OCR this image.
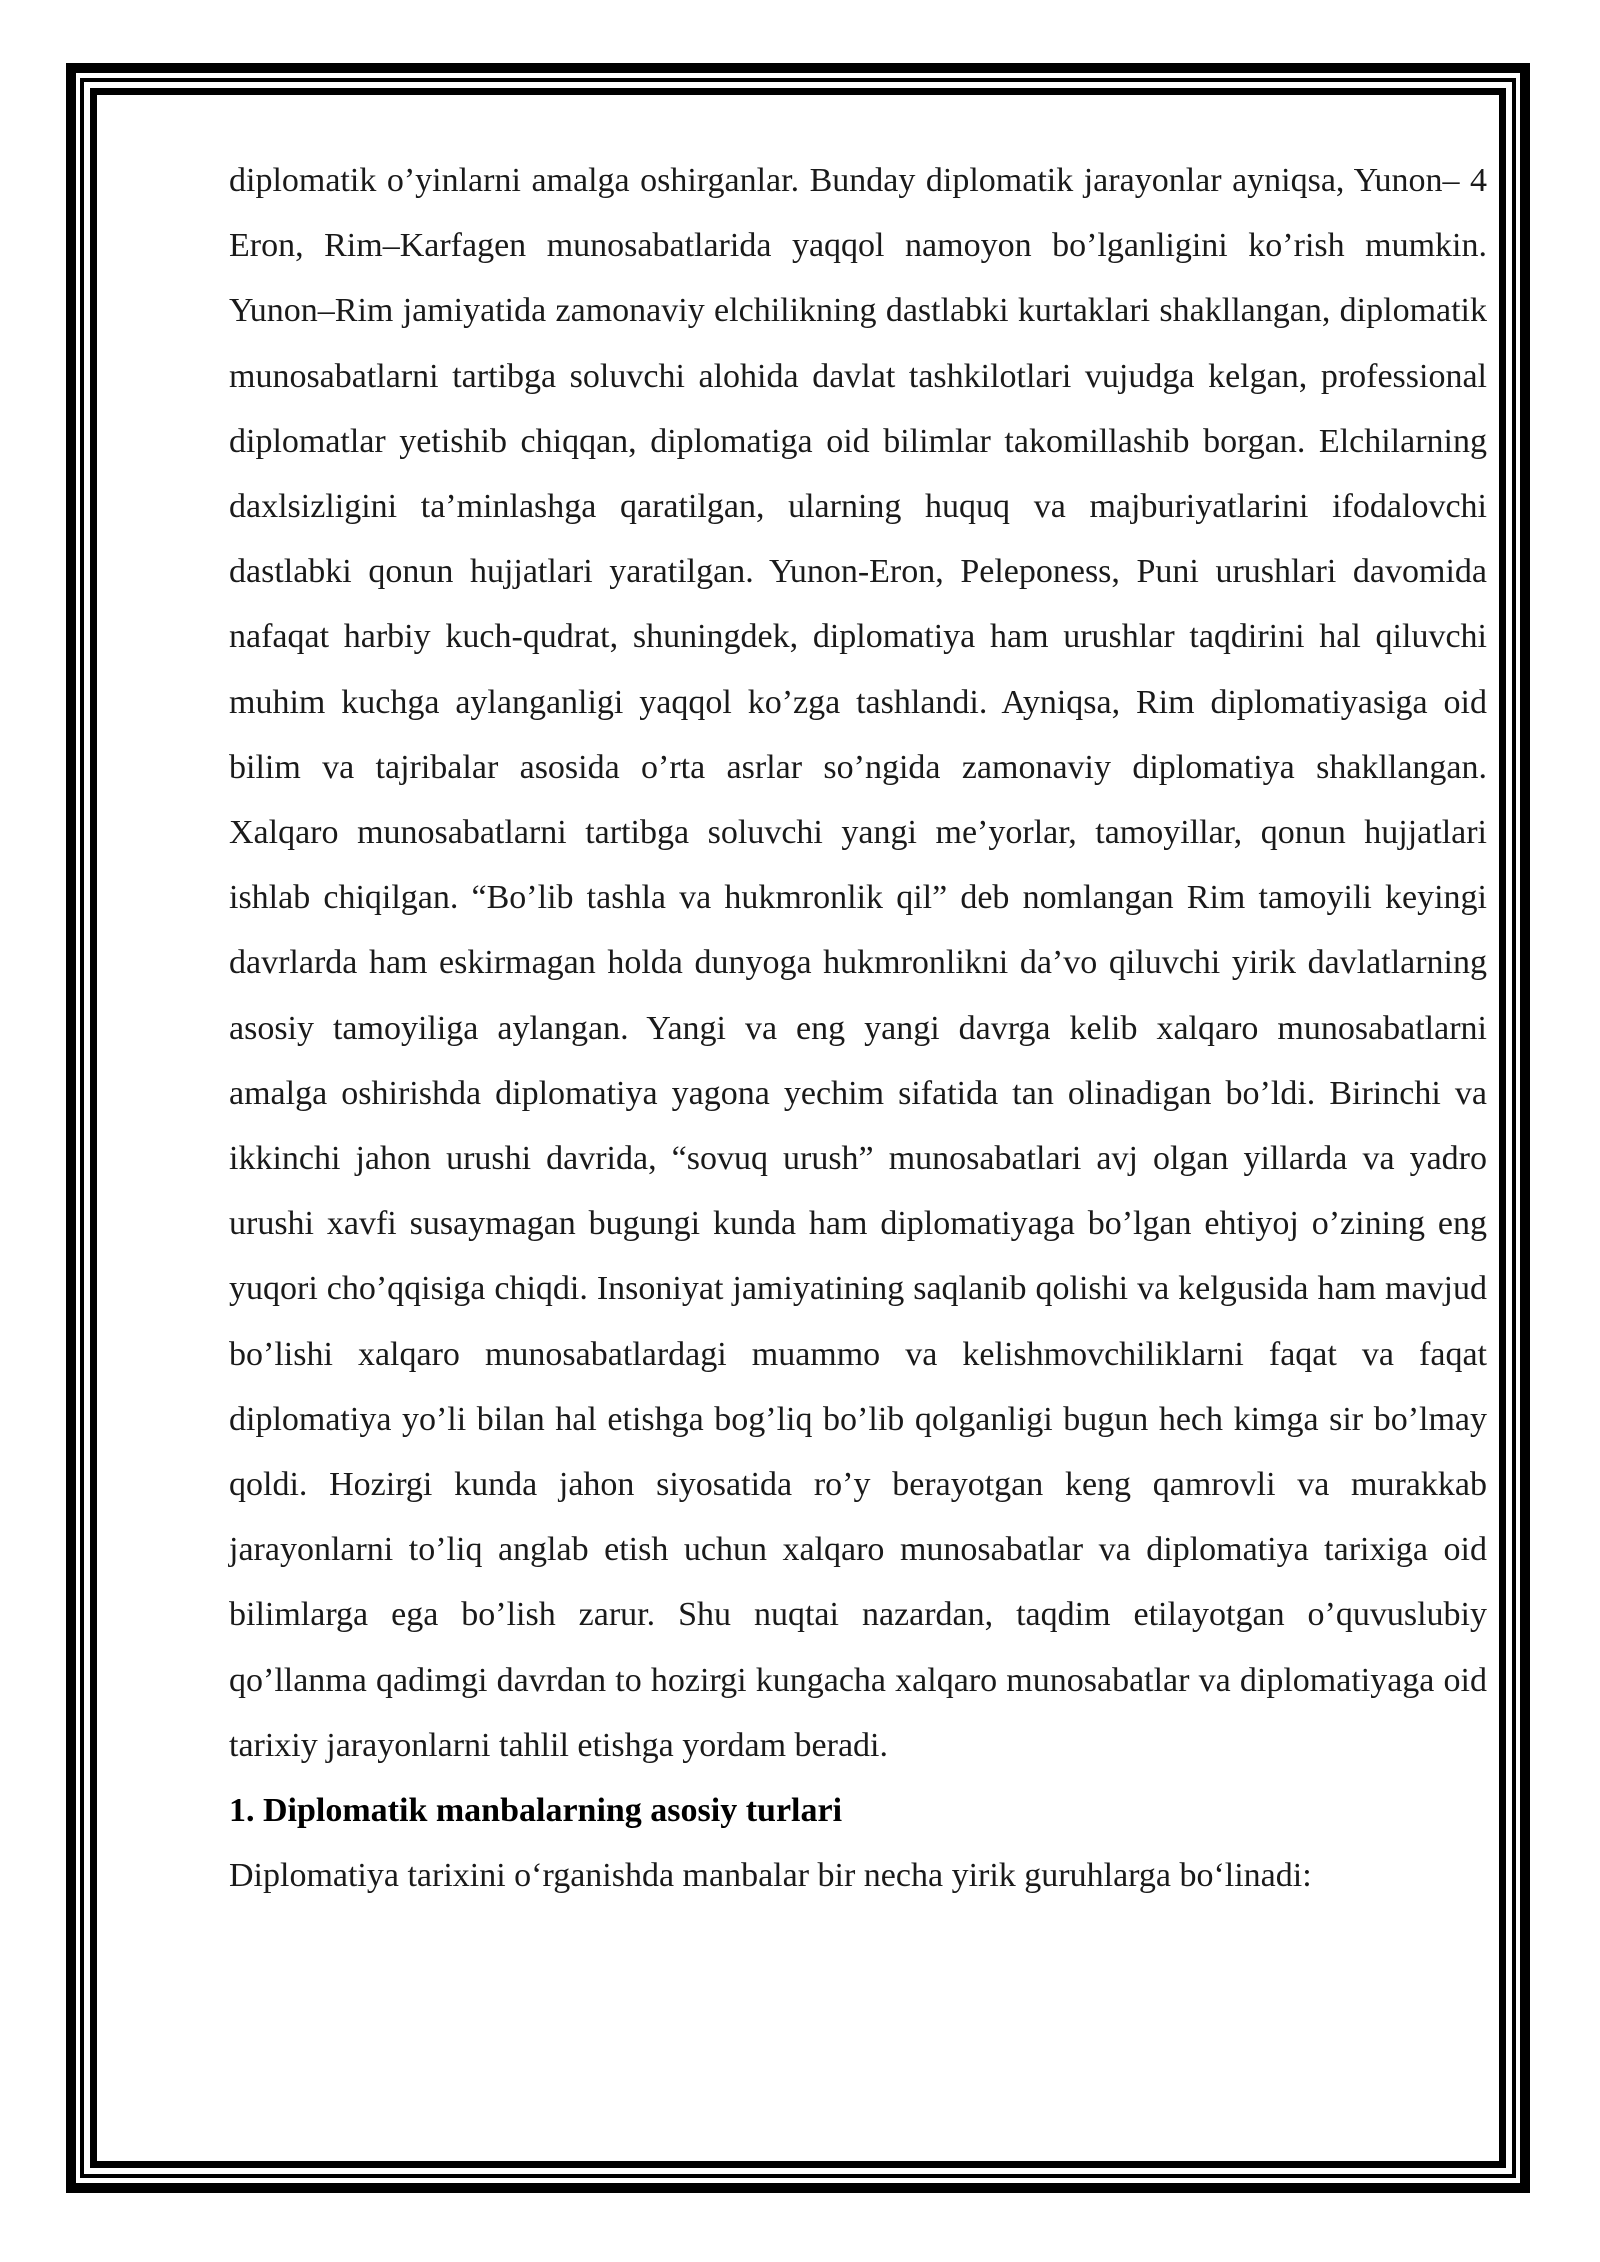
diplomatik o’yinlarni amalga oshirganlar. Bunday diplomatik jarayonlar ayniqsa, Yunon– 4 Eron, Rim–Karfagen munosabatlarida yaqqol namoyon bo’lganligini ko’rish mumkin. Yunon–Rim jamiyatida zamonaviy elchilikning dastlabki kurtaklari shakllangan, diplomatik munosabatlarni tartibga soluvchi alohida davlat tashkilotlari vujudga kelgan, professional diplomatlar yetishib chiqqan, diplomatiga oid bilimlar takomillashib borgan. Elchilarning daxlsizligini ta’minlashga qaratilgan, ularning huquq va majburiyatlarini ifodalovchi dastlabki qonun hujjatlari yaratilgan. Yunon-Eron, Peleponess, Puni urushlari davomida nafaqat harbiy kuch-qudrat, shuningdek, diplomatiya ham urushlar taqdirini hal qiluvchi muhim kuchga aylanganligi yaqqol ko’zga tashlandi. Ayniqsa, Rim diplomatiyasiga oid bilim va tajribalar asosida o’rta asrlar so’ngida zamonaviy diplomatiya shakllangan. Xalqaro munosabatlarni tartibga soluvchi yangi me’yorlar, tamoyillar, qonun hujjatlari ishlab chiqilgan. “Bo’lib tashla va hukmronlik qil” deb nomlangan Rim tamoyili keyingi davrlarda ham eskirmagan holda dunyoga hukmronlikni da’vo qiluvchi yirik davlatlarning asosiy tamoyiliga aylangan. Yangi va eng yangi davrga kelib xalqaro munosabatlarni amalga oshirishda diplomatiya yagona yechim sifatida tan olinadigan bo’ldi. Birinchi va ikkinchi jahon urushi davrida, “sovuq urush” munosabatlari avj olgan yillarda va yadro urushi xavfi susaymagan bugungi kunda ham diplomatiyaga bo’lgan ehtiyoj o’zining eng yuqori cho’qqisiga chiqdi. Insoniyat jamiyatining saqlanib qolishi va kelgusida ham mavjud bo’lishi xalqaro munosabatlardagi muammo va kelishmovchiliklarni faqat va faqat diplomatiya yo’li bilan hal etishga bog’liq bo’lib qolganligi bugun hech kimga sir bo’lmay qoldi. Hozirgi kunda jahon siyosatida ro’y berayotgan keng qamrovli va murakkab jarayonlarni to’liq anglab etish uchun xalqaro munosabatlar va diplomatiya tarixiga oid bilimlarga ega bo’lish zarur. Shu nuqtai nazardan, taqdim etilayotgan o’quvuslubiy qo’llanma qadimgi davrdan to hozirgi kungacha xalqaro munosabatlar va diplomatiyaga oid tarixiy jarayonlarni tahlil etishga yordam beradi.

1. Diplomatik manbalarning asosiy turlari

Diplomatiya tarixini o‘rganishda manbalar bir necha yirik guruhlarga bo‘linadi:
